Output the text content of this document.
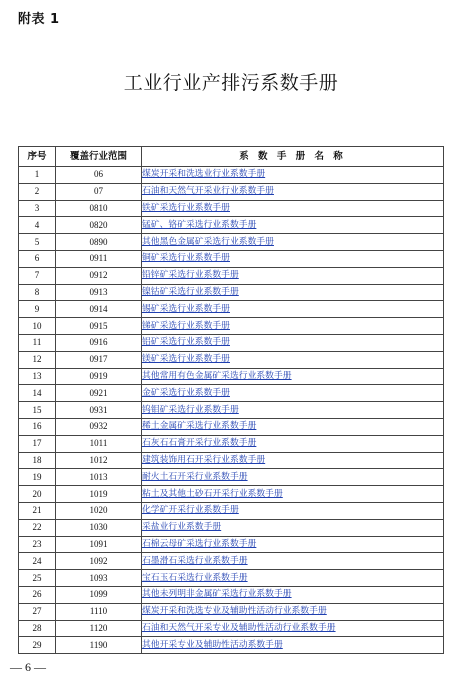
附表 1
工业行业产排污系数手册
序号	覆盖行业范围	系 数 手 册 名 称
1	06	煤炭开采和洗选业行业系数手册
2	07	石油和天然气开采业行业系数手册
3	0810	铁矿采选行业系数手册
4	0820	锰矿、铬矿采选行业系数手册
5	0890	其他黑色金属矿采选行业系数手册
6	0911	铜矿采选行业系数手册
7	0912	铅锌矿采选行业系数手册
8	0913	镍钴矿采选行业系数手册
9	0914	锡矿采选行业系数手册
10	0915	锑矿采选行业系数手册
11	0916	铝矿采选行业系数手册
12	0917	镁矿采选行业系数手册
13	0919	其他常用有色金属矿采选行业系数手册
14	0921	金矿采选行业系数手册
15	0931	钨钼矿采选行业系数手册
16	0932	稀土金属矿采选行业系数手册
17	1011	石灰石石膏开采行业系数手册
18	1012	建筑装饰用石开采行业系数手册
19	1013	耐火土石开采行业系数手册
20	1019	粘土及其他土砂石开采行业系数手册
21	1020	化学矿开采行业系数手册
22	1030	采盐业行业系数手册
23	1091	石棉云母矿采选行业系数手册
24	1092	石墨滑石采选行业系数手册
25	1093	宝石玉石采选行业系数手册
26	1099	其他未列明非金属矿采选行业系数手册
27	1110	煤炭开采和洗选专业及辅助性活动行业系数手册
28	1120	石油和天然气开采专业及辅助性活动行业系数手册
29	1190	其他开采专业及辅助性活动系数手册
— 6 —
